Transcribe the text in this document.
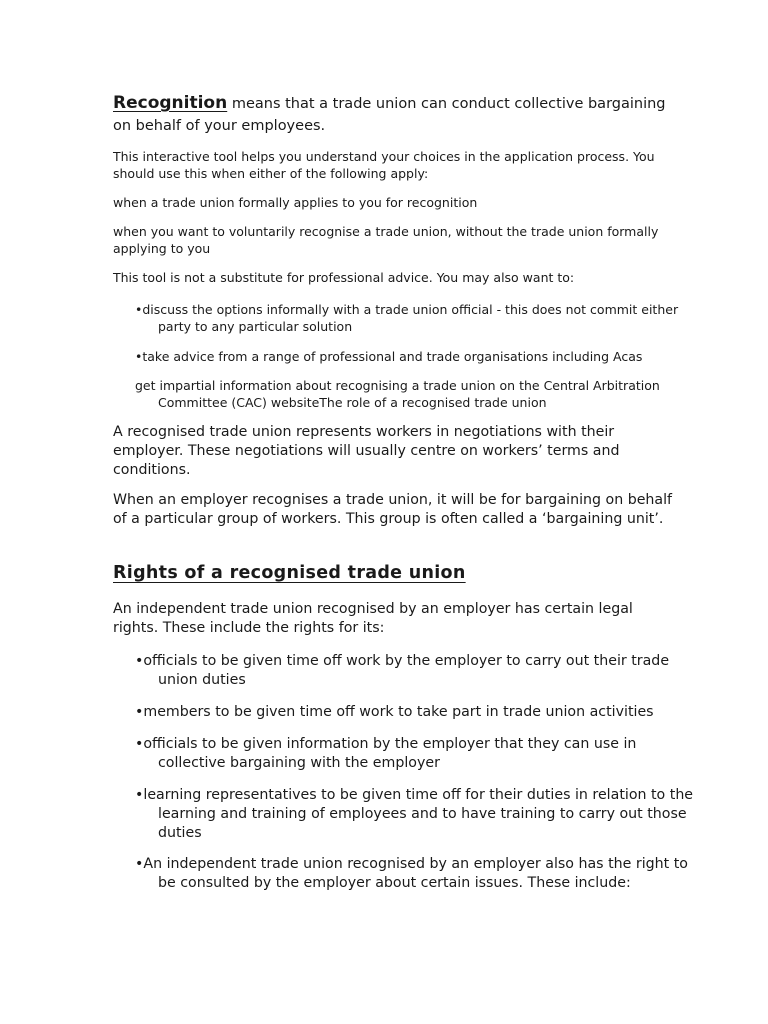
Recognition means that a trade union can conduct collective bargaining on behalf of your employees.

This interactive tool helps you understand your choices in the application process. You should use this when either of the following apply:

when a trade union formally applies to you for recognition

when you want to voluntarily recognise a trade union, without the trade union formally applying to you

This tool is not a substitute for professional advice. You may also want to:

•discuss the options informally with a trade union official - this does not commit either party to any particular solution

•take advice from a range of professional and trade organisations including Acas

get impartial information about recognising a trade union on the Central Arbitration Committee (CAC) websiteThe role of a recognised trade union

A recognised trade union represents workers in negotiations with their employer. These negotiations will usually centre on workers’ terms and conditions.

When an employer recognises a trade union, it will be for bargaining on behalf of a particular group of workers. This group is often called a ‘bargaining unit’.

Rights of a recognised trade union

An independent trade union recognised by an employer has certain legal rights. These include the rights for its:

•officials to be given time off work by the employer to carry out their trade union duties

•members to be given time off work to take part in trade union activities

•officials to be given information by the employer that they can use in collective bargaining with the employer

•learning representatives to be given time off for their duties in relation to the learning and training of employees and to have training to carry out those duties

•An independent trade union recognised by an employer also has the right to be consulted by the employer about certain issues. These include:
